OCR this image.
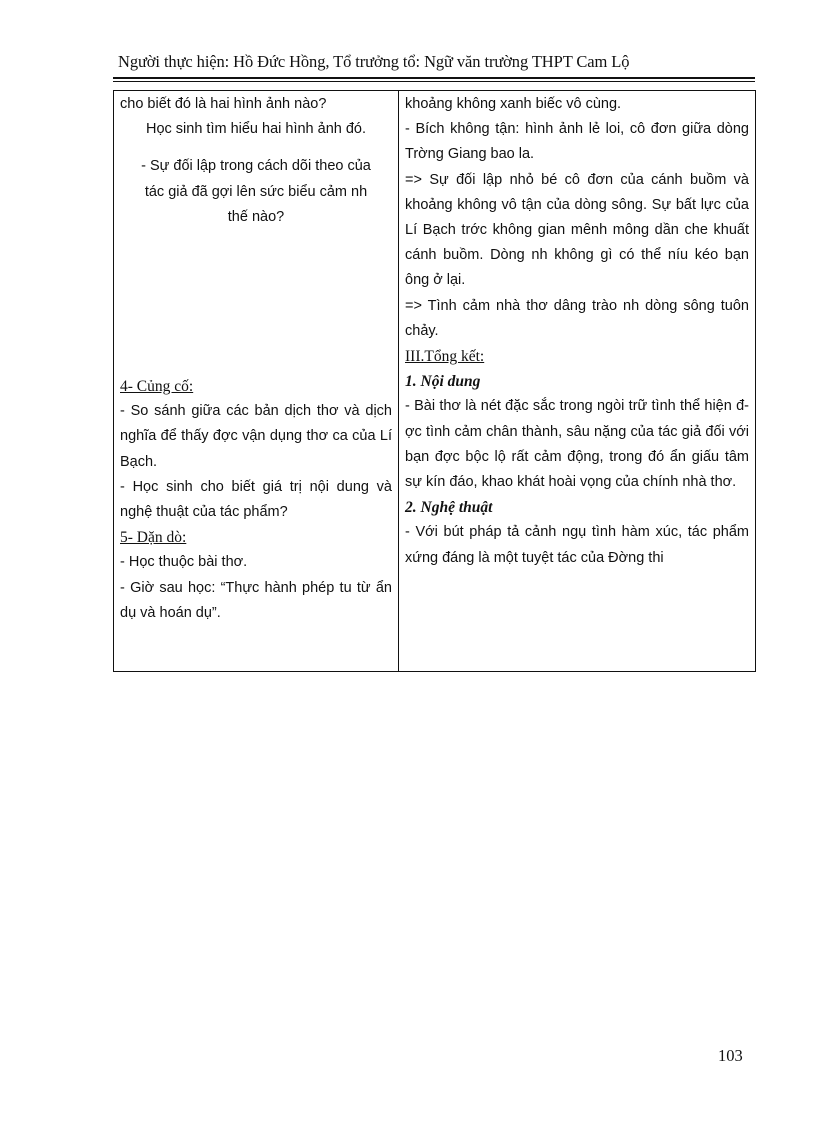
Người thực hiện: Hồ Đức Hồng, Tổ trưởng tổ: Ngữ văn trường THPT Cam Lộ

cho biết đó là hai hình ảnh nào?

Học sinh tìm hiểu hai hình ảnh đó.

- Sự đối lập trong cách dõi theo của

tác giả đã gợi lên sức biểu cảm nh

thế nào?

4- Củng cố:

- So sánh giữa các bản dịch thơ và dịch nghĩa để thấy đợc vận dụng thơ ca của Lí Bạch.

- Học sinh cho biết giá trị nội dung và nghệ thuật của tác phẩm?

5- Dặn dò:

- Học thuộc bài thơ.

- Giờ sau học: “Thực hành phép tu từ ẩn dụ và hoán dụ”.

khoảng không xanh biếc vô cùng.

- Bích không tận: hình ảnh lẻ loi, cô đơn giữa dòng Trờng Giang bao la.

=> Sự đối lập nhỏ bé cô đơn của cánh buồm và khoảng không vô tận của dòng sông. Sự bất lực của Lí Bạch trớc không gian mênh mông dần che khuất cánh buồm. Dòng nh không gì có thể níu kéo bạn ông ở lại.

=> Tình cảm nhà thơ dâng trào nh dòng sông tuôn chảy.

III.Tổng kết:

1. Nội dung

- Bài thơ là nét đặc sắc trong ngòi trữ tình thể hiện đợc tình cảm chân thành, sâu nặng của tác giả đối với bạn đợc bộc lộ rất cảm động, trong đó ẩn giấu tâm sự kín đáo, khao khát hoài vọng của chính nhà thơ.

2. Nghệ thuật

- Với bút pháp tả cảnh ngụ tình hàm xúc, tác phẩm xứng đáng là một tuyệt tác của Đờng thi

103
